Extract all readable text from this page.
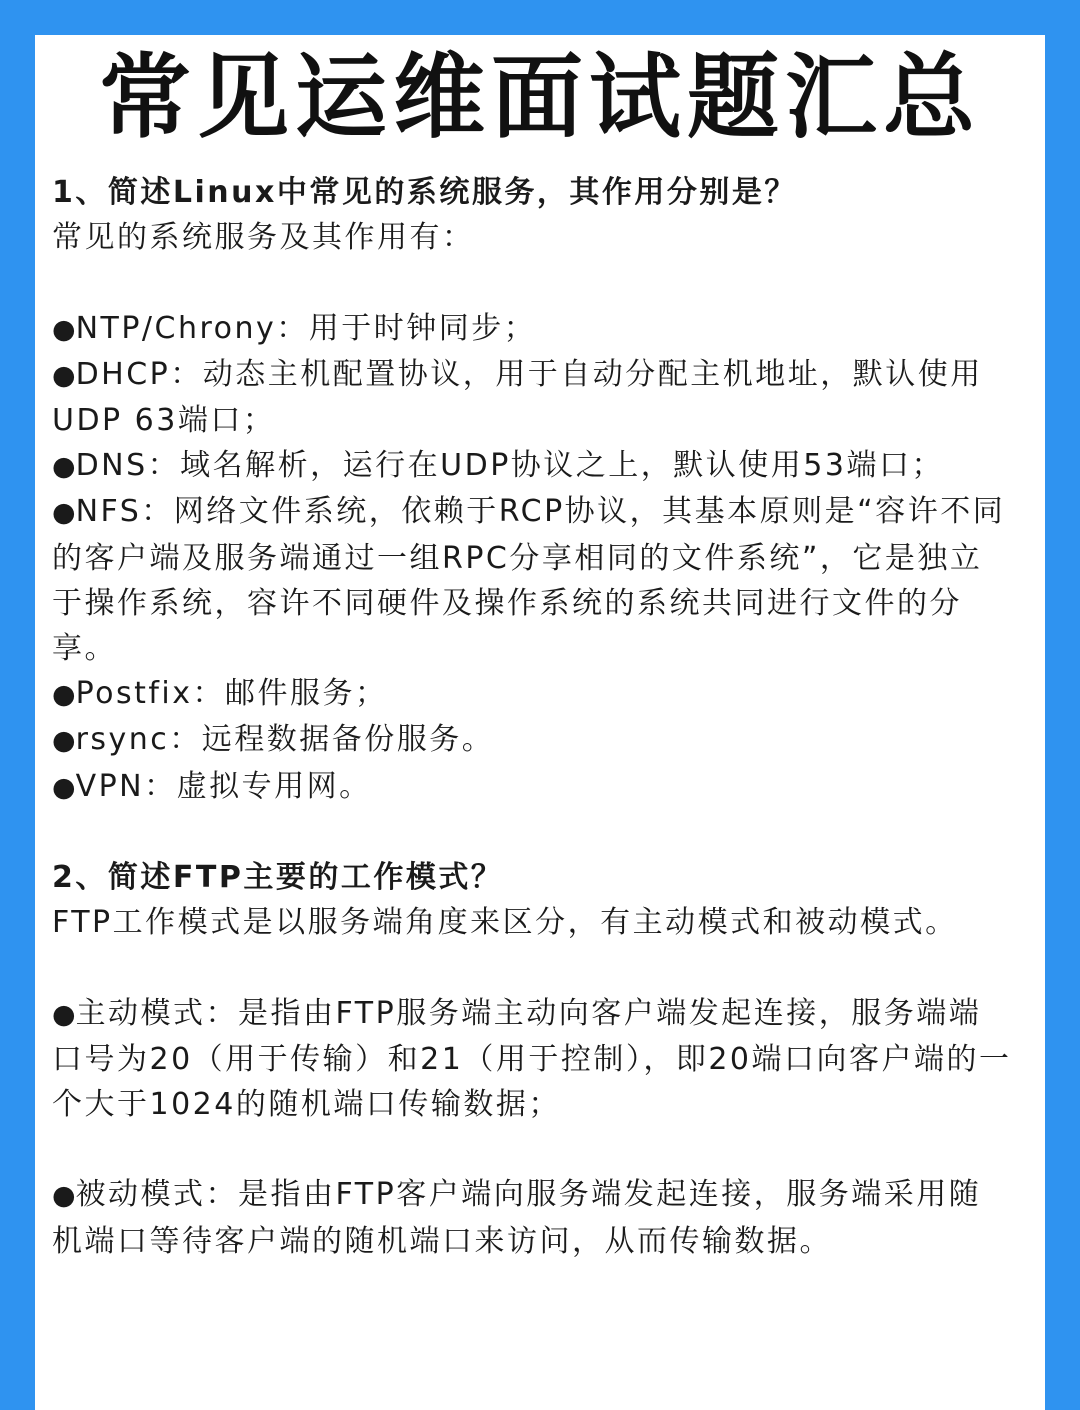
常见运维面试题汇总

1、简述Linux中常见的系统服务，其作用分别是？

常见的系统服务及其作用有：

●NTP/Chrony：用于时钟同步；

●DHCP：动态主机配置协议，用于自动分配主机地址，默认使用UDP 63端口；

●DNS：域名解析，运行在UDP协议之上，默认使用53端口；

●NFS：网络文件系统，依赖于RCP协议，其基本原则是“容许不同的客户端及服务端通过一组RPC分享相同的文件系统”，它是独立于操作系统，容许不同硬件及操作系统的系统共同进行文件的分享。

●Postfix：邮件服务；

●rsync：远程数据备份服务。

●VPN：虚拟专用网。

2、简述FTP主要的工作模式？

FTP工作模式是以服务端角度来区分，有主动模式和被动模式。

●主动模式：是指由FTP服务端主动向客户端发起连接，服务端端口号为20（用于传输）和21（用于控制），即20端口向客户端的一个大于1024的随机端口传输数据；

●被动模式：是指由FTP客户端向服务端发起连接，服务端采用随机端口等待客户端的随机端口来访问，从而传输数据。
